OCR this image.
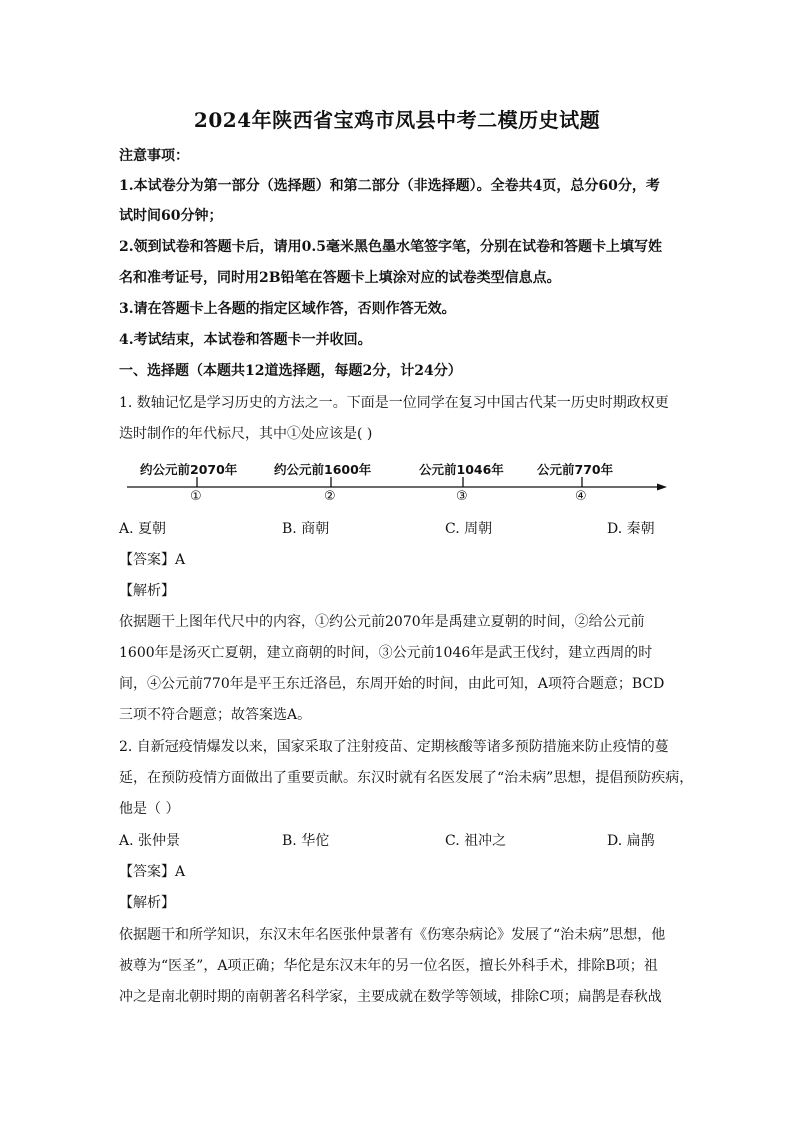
2024年陕西省宝鸡市凤县中考二模历史试题
注意事项：
1.本试卷分为第一部分（选择题）和第二部分（非选择题）。全卷共4页，总分60分，考
试时间60分钟；
2.领到试卷和答题卡后，请用0.5毫米黑色墨水笔签字笔，分别在试卷和答题卡上填写姓
名和准考证号，同时用2B铅笔在答题卡上填涂对应的试卷类型信息点。
3.请在答题卡上各题的指定区域作答，否则作答无效。
4.考试结束，本试卷和答题卡一并收回。
一、选择题（本题共12道选择题，每题2分，计24分）
1. 数轴记忆是学习历史的方法之一。下面是一位同学在复习中国古代某一历史时期政权更
迭时制作的年代标尺，其中①处应该是( )
约公元前2070年	约公元前1600年	公元前1046年	公元前770年
①	②	③	④
A. 夏朝	B. 商朝	C. 周朝	D. 秦朝
【答案】A
【解析】
依据题干上图年代尺中的内容，①约公元前2070年是禹建立夏朝的时间，②给公元前
1600年是汤灭亡夏朝，建立商朝的时间，③公元前1046年是武王伐纣，建立西周的时
间，④公元前770年是平王东迁洛邑，东周开始的时间，由此可知，A项符合题意；BCD
三项不符合题意；故答案选A。
2. 自新冠疫情爆发以来，国家采取了注射疫苗、定期核酸等诸多预防措施来防止疫情的蔓
延，在预防疫情方面做出了重要贡献。东汉时就有名医发展了“治未病”思想，提倡预防疾病，
他是（ ）
A. 张仲景	B. 华佗	C. 祖冲之	D. 扁鹊
【答案】A
【解析】
依据题干和所学知识，东汉末年名医张仲景著有《伤寒杂病论》发展了“治未病”思想，他
被尊为“医圣”，A项正确；华佗是东汉末年的另一位名医，擅长外科手术，排除B项；祖
冲之是南北朝时期的南朝著名科学家，主要成就在数学等领域，排除C项；扁鹊是春秋战
